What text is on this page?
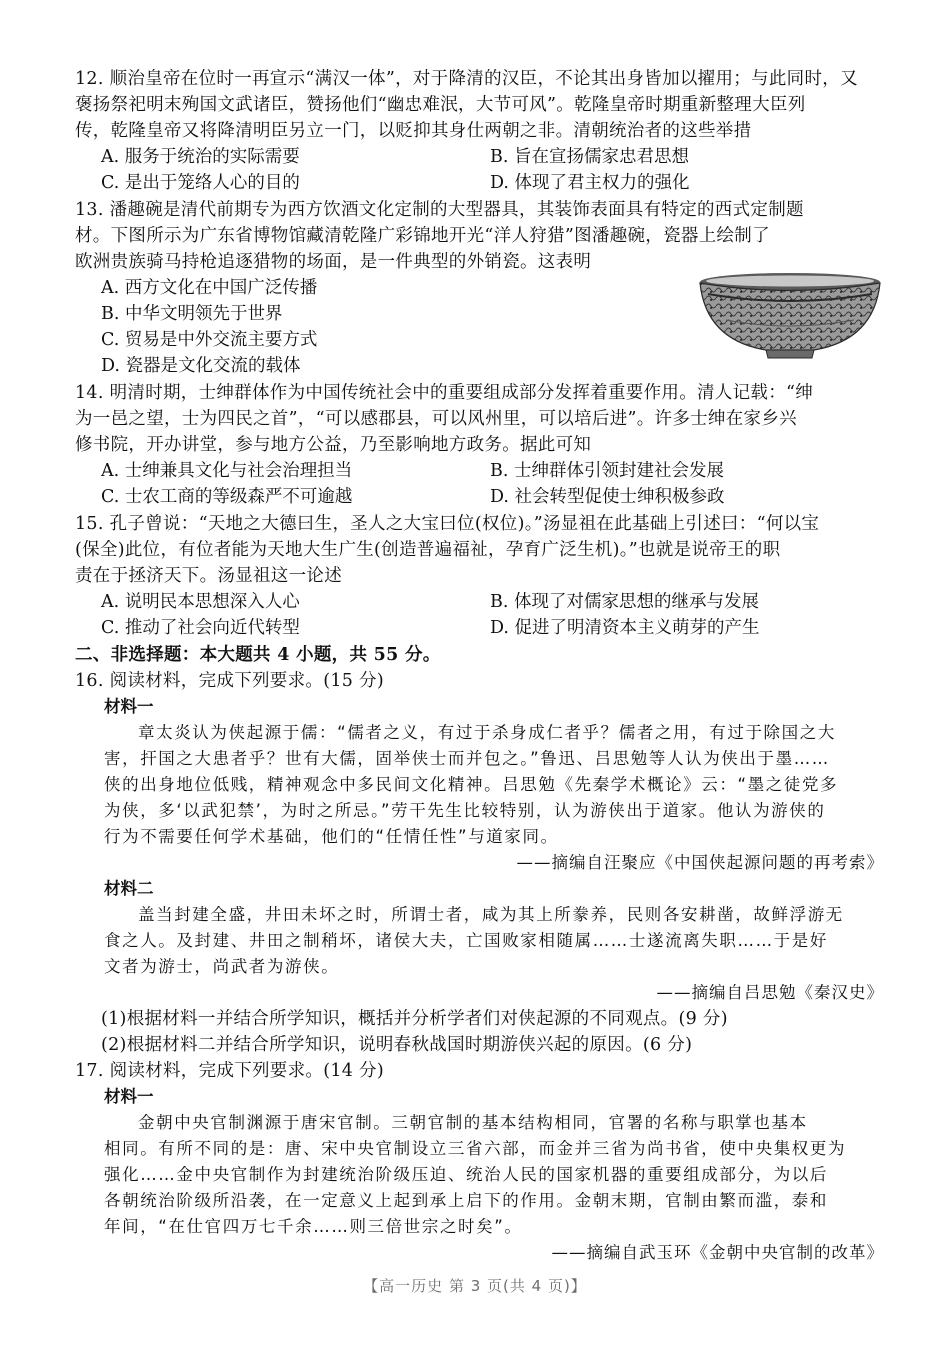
12. 顺治皇帝在位时一再宣示“满汉一体”，对于降清的汉臣，不论其出身皆加以擢用；与此同时，又
褒扬祭祀明末殉国文武诸臣，赞扬他们“幽忠难泯，大节可风”。乾隆皇帝时期重新整理大臣列
传，乾隆皇帝又将降清明臣另立一门，以贬抑其身仕两朝之非。清朝统治者的这些举措
A. 服务于统治的实际需要	B. 旨在宣扬儒家忠君思想
C. 是出于笼络人心的目的	D. 体现了君主权力的强化
13. 潘趣碗是清代前期专为西方饮酒文化定制的大型器具，其装饰表面具有特定的西式定制题
材。下图所示为广东省博物馆藏清乾隆广彩锦地开光“洋人狩猎”图潘趣碗，瓷器上绘制了
欧洲贵族骑马持枪追逐猎物的场面，是一件典型的外销瓷。这表明
A. 西方文化在中国广泛传播
B. 中华文明领先于世界
C. 贸易是中外交流主要方式
D. 瓷器是文化交流的载体
14. 明清时期，士绅群体作为中国传统社会中的重要组成部分发挥着重要作用。清人记载：“绅
为一邑之望，士为四民之首”，“可以感郡县，可以风州里，可以培后进”。许多士绅在家乡兴
修书院，开办讲堂，参与地方公益，乃至影响地方政务。据此可知
A. 士绅兼具文化与社会治理担当	B. 士绅群体引领封建社会发展
C. 士农工商的等级森严不可逾越	D. 社会转型促使士绅积极参政
15. 孔子曾说：“天地之大德曰生，圣人之大宝曰位(权位)。”汤显祖在此基础上引述曰：“何以宝
(保全)此位，有位者能为天地大生广生(创造普遍福祉，孕育广泛生机)。”也就是说帝王的职
责在于拯济天下。汤显祖这一论述
A. 说明民本思想深入人心	B. 体现了对儒家思想的继承与发展
C. 推动了社会向近代转型	D. 促进了明清资本主义萌芽的产生
二、非选择题：本大题共 4 小题，共 55 分。
16. 阅读材料，完成下列要求。(15 分)
材料一
章太炎认为侠起源于儒：“儒者之义，有过于杀身成仁者乎？儒者之用，有过于除国之大
害，扞国之大患者乎？世有大儒，固举侠士而并包之。”鲁迅、吕思勉等人认为侠出于墨……
侠的出身地位低贱，精神观念中多民间文化精神。吕思勉《先秦学术概论》云：“墨之徒党多
为侠，多‘以武犯禁’，为时之所忌。”劳干先生比较特别，认为游侠出于道家。他认为游侠的
行为不需要任何学术基础，他们的“任情任性”与道家同。
——摘编自汪聚应《中国侠起源问题的再考索》
材料二
盖当封建全盛，井田未坏之时，所谓士者，咸为其上所豢养，民则各安耕凿，故鲜浮游无
食之人。及封建、井田之制稍坏，诸侯大夫，亡国败家相随属……士遂流离失职……于是好
文者为游士，尚武者为游侠。
——摘编自吕思勉《秦汉史》
(1)根据材料一并结合所学知识，概括并分析学者们对侠起源的不同观点。(9 分)
(2)根据材料二并结合所学知识，说明春秋战国时期游侠兴起的原因。(6 分)
17. 阅读材料，完成下列要求。(14 分)
材料一
金朝中央官制渊源于唐宋官制。三朝官制的基本结构相同，官署的名称与职掌也基本
相同。有所不同的是：唐、宋中央官制设立三省六部，而金并三省为尚书省，使中央集权更为
强化……金中央官制作为封建统治阶级压迫、统治人民的国家机器的重要组成部分，为以后
各朝统治阶级所沿袭，在一定意义上起到承上启下的作用。金朝末期，官制由繁而滥，泰和
年间，“在仕官四万七千余……则三倍世宗之时矣”。
——摘编自武玉环《金朝中央官制的改革》
【高一历史 第 3 页(共 4 页)】
